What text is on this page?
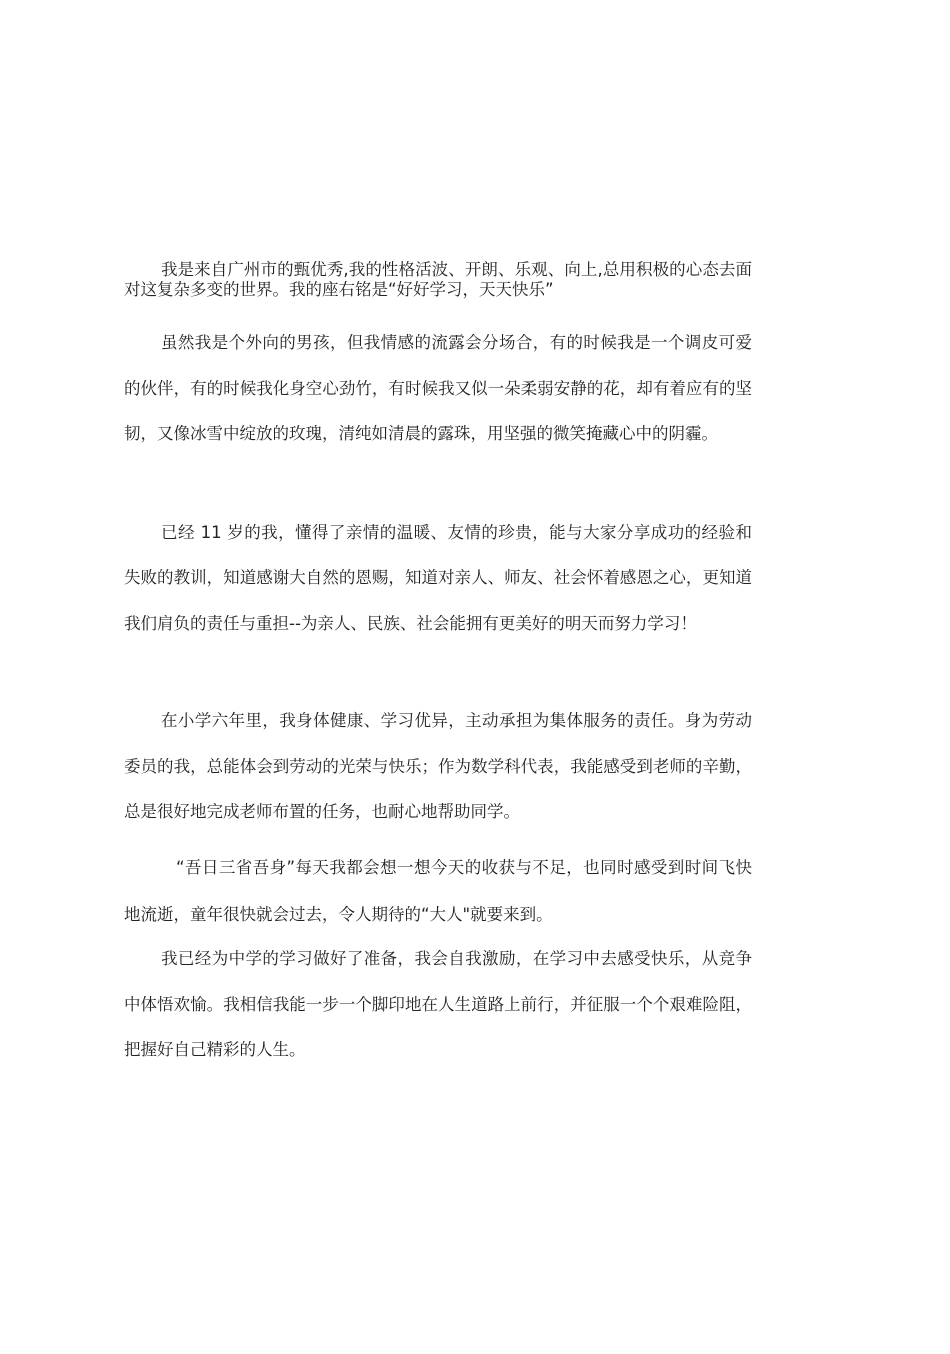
我是来自广州市的甄优秀,我的性格活波、开朗、乐观、向上,总用积极的心态去面对这复杂多变的世界。我的座右铭是“好好学习，天天快乐”

虽然我是个外向的男孩，但我情感的流露会分场合，有的时候我是一个调皮可爱的伙伴，有的时候我化身空心劲竹，有时候我又似一朵柔弱安静的花，却有着应有的坚韧，又像冰雪中绽放的玫瑰，清纯如清晨的露珠，用坚强的微笑掩藏心中的阴霾。

已经 11 岁的我，懂得了亲情的温暖、友情的珍贵，能与大家分享成功的经验和失败的教训，知道感谢大自然的恩赐，知道对亲人、师友、社会怀着感恩之心，更知道我们肩负的责任与重担--为亲人、民族、社会能拥有更美好的明天而努力学习！

在小学六年里，我身体健康、学习优异，主动承担为集体服务的责任。身为劳动委员的我，总能体会到劳动的光荣与快乐；作为数学科代表，我能感受到老师的辛勤，总是很好地完成老师布置的任务，也耐心地帮助同学。

“吾日三省吾身”每天我都会想一想今天的收获与不足，也同时感受到时间飞快地流逝，童年很快就会过去，令人期待的“大人"就要来到。

我已经为中学的学习做好了准备，我会自我激励，在学习中去感受快乐，从竞争中体悟欢愉。我相信我能一步一个脚印地在人生道路上前行，并征服一个个艰难险阻，把握好自己精彩的人生。
